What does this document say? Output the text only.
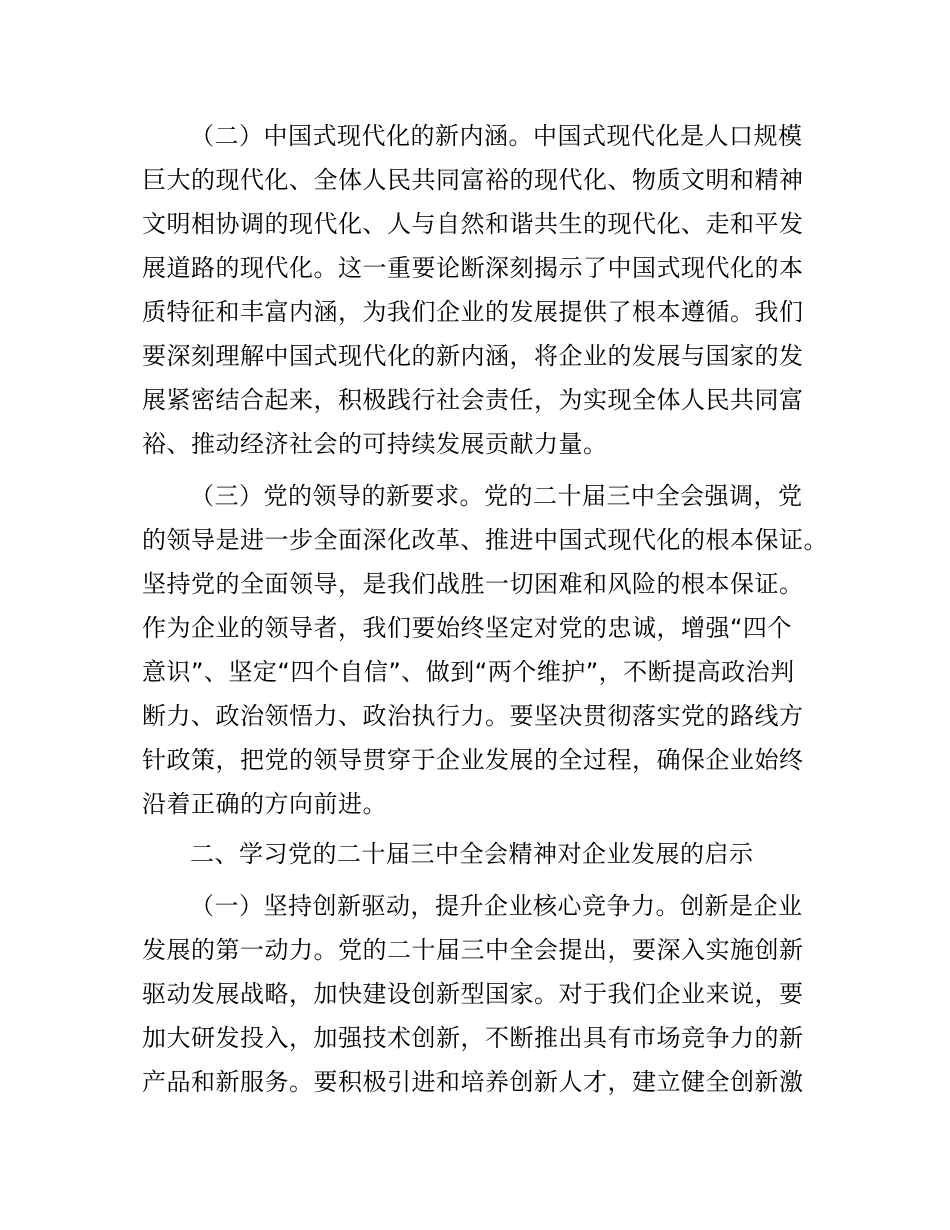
（二）中国式现代化的新内涵。中国式现代化是人口规模
巨大的现代化、全体人民共同富裕的现代化、物质文明和精神
文明相协调的现代化、人与自然和谐共生的现代化、走和平发
展道路的现代化。这一重要论断深刻揭示了中国式现代化的本
质特征和丰富内涵，为我们企业的发展提供了根本遵循。我们
要深刻理解中国式现代化的新内涵，将企业的发展与国家的发
展紧密结合起来，积极践行社会责任，为实现全体人民共同富
裕、推动经济社会的可持续发展贡献力量。
（三）党的领导的新要求。党的二十届三中全会强调，党
的领导是进一步全面深化改革、推进中国式现代化的根本保证。
坚持党的全面领导，是我们战胜一切困难和风险的根本保证。
作为企业的领导者，我们要始终坚定对党的忠诚，增强“四个
意识”、坚定“四个自信”、做到“两个维护”，不断提高政治判
断力、政治领悟力、政治执行力。要坚决贯彻落实党的路线方
针政策，把党的领导贯穿于企业发展的全过程，确保企业始终
沿着正确的方向前进。
二、学习党的二十届三中全会精神对企业发展的启示
（一）坚持创新驱动，提升企业核心竞争力。创新是企业
发展的第一动力。党的二十届三中全会提出，要深入实施创新
驱动发展战略，加快建设创新型国家。对于我们企业来说，要
加大研发投入，加强技术创新，不断推出具有市场竞争力的新
产品和新服务。要积极引进和培养创新人才，建立健全创新激
